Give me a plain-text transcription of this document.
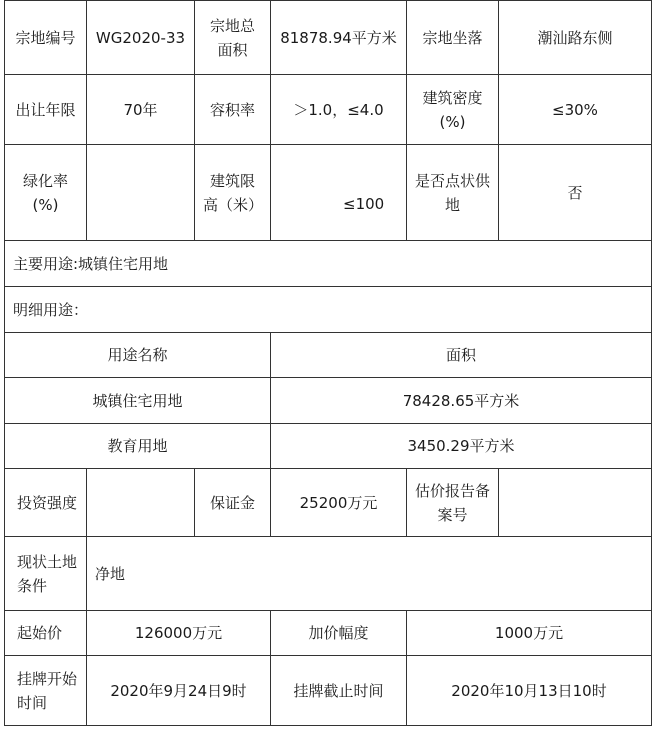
宗地编号	WG2020-33	宗地总面积	81878.94平方米	宗地坐落	潮汕路东侧
出让年限	70年	容积率	＞1.0，≤4.0	建筑密度(%)	≤30%
绿化率(%)		建筑限高（米）	≤100	是否点状供地	否
主要用途:城镇住宅用地					
明细用途：					
用途名称			面积		
城镇住宅用地			78428.65平方米		
教育用地			3450.29平方米		
投资强度		保证金	25200万元	估价报告备案号	
现状土地条件	净地				
起始价	126000万元		加价幅度	1000万元	
挂牌开始时间	2020年9月24日9时		挂牌截止时间	2020年10月13日10时	
